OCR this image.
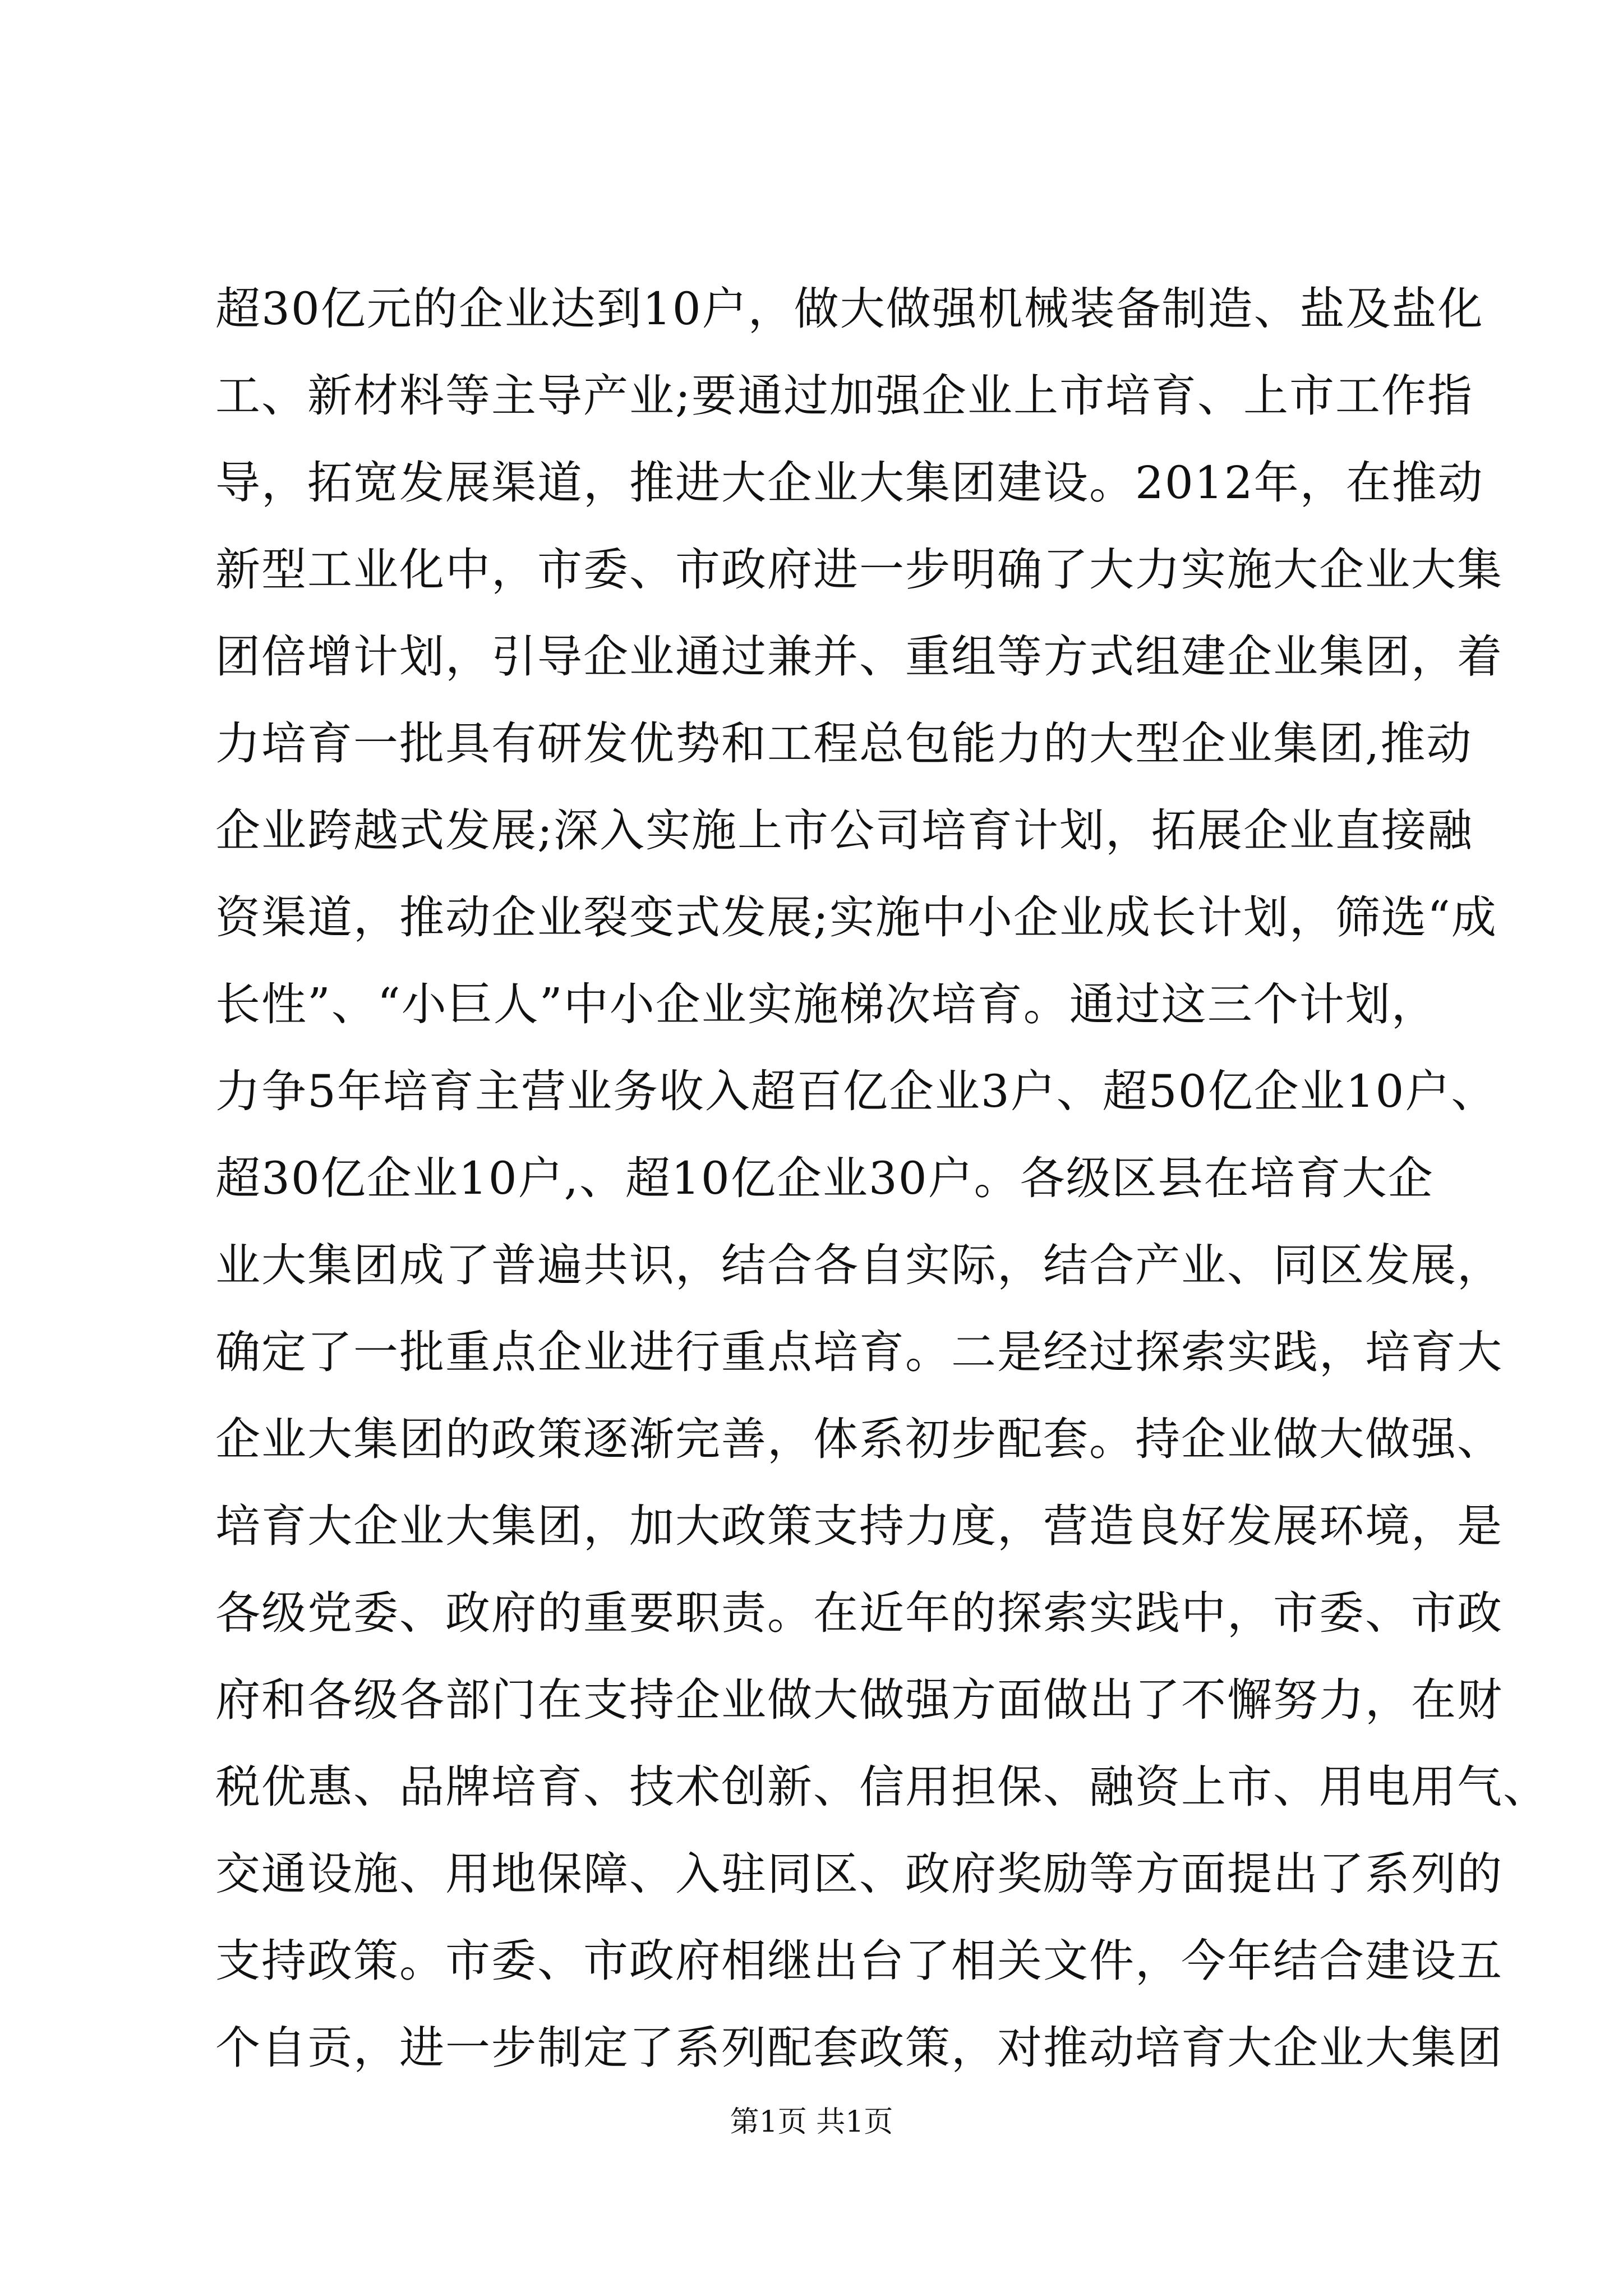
超30亿元的企业达到10户，做大做强机械装备制造、盐及盐化
工、新材料等主导产业;要通过加强企业上市培育、上市工作指
导，拓宽发展渠道，推进大企业大集团建设。2012年，在推动
新型工业化中，市委、市政府进一步明确了大力实施大企业大集
团倍增计划，引导企业通过兼并、重组等方式组建企业集团，着
力培育一批具有研发优势和工程总包能力的大型企业集团,推动
企业跨越式发展;深入实施上市公司培育计划，拓展企业直接融
资渠道，推动企业裂变式发展;实施中小企业成长计划，筛选“成
长性”、“小巨人”中小企业实施梯次培育。通过这三个计划，
力争5年培育主营业务收入超百亿企业3户、超50亿企业10户、
超30亿企业10户,、超10亿企业30户。各级区县在培育大企
业大集团成了普遍共识，结合各自实际，结合产业、同区发展，
确定了一批重点企业进行重点培育。二是经过探索实践，培育大
企业大集团的政策逐渐完善，体系初步配套。持企业做大做强、
培育大企业大集团，加大政策支持力度，营造良好发展环境，是
各级党委、政府的重要职责。在近年的探索实践中，市委、市政
府和各级各部门在支持企业做大做强方面做出了不懈努力，在财
税优惠、品牌培育、技术创新、信用担保、融资上市、用电用气、
交通设施、用地保障、入驻同区、政府奖励等方面提出了系列的
支持政策。市委、市政府相继出台了相关文件，今年结合建设五
个自贡，进一步制定了系列配套政策，对推动培育大企业大集团
第1页 共1页
